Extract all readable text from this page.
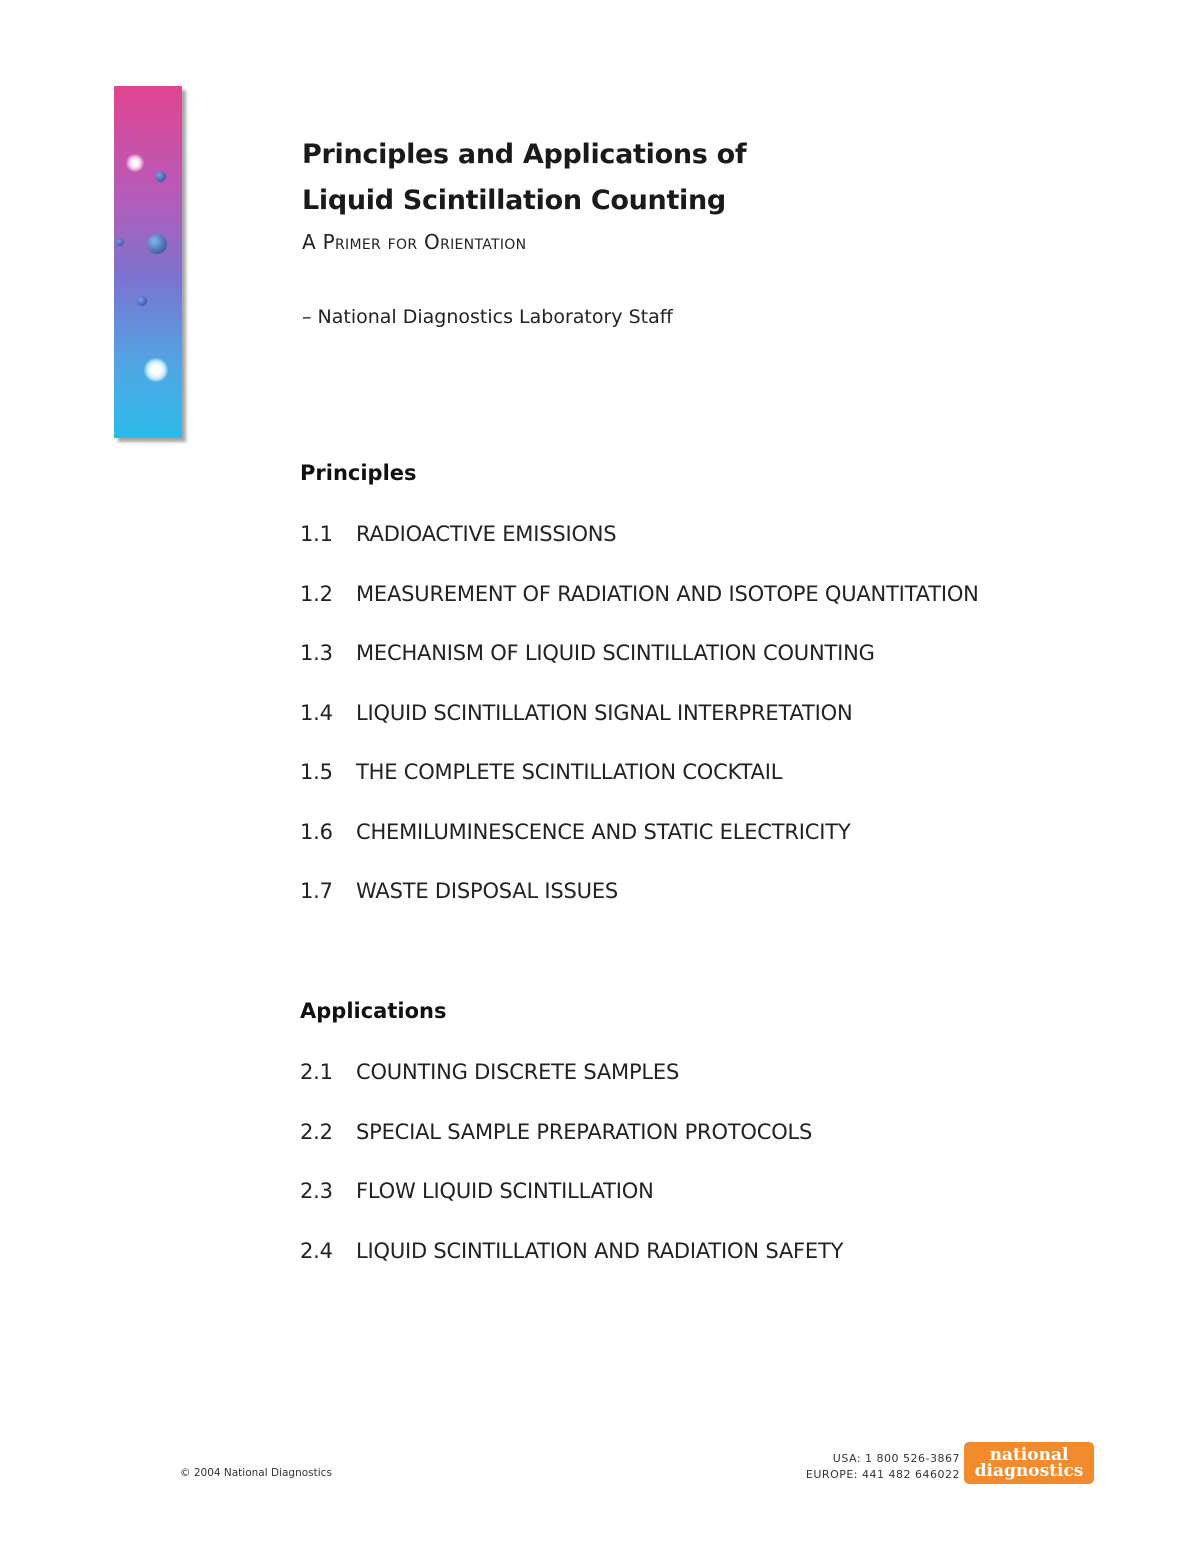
Principles and Applications of
Liquid Scintillation Counting
A Primer for Orientation
– National Diagnostics Laboratory Staff
Principles
1.1	RADIOACTIVE EMISSIONS
1.2	MEASUREMENT OF RADIATION AND ISOTOPE QUANTITATION
1.3	MECHANISM OF LIQUID SCINTILLATION COUNTING
1.4	LIQUID SCINTILLATION SIGNAL INTERPRETATION
1.5	THE COMPLETE SCINTILLATION COCKTAIL
1.6	CHEMILUMINESCENCE AND STATIC ELECTRICITY
1.7	WASTE DISPOSAL ISSUES
Applications
2.1	COUNTING DISCRETE SAMPLES
2.2	SPECIAL SAMPLE PREPARATION PROTOCOLS
2.3	FLOW LIQUID SCINTILLATION
2.4	LIQUID SCINTILLATION AND RADIATION SAFETY
© 2004 National Diagnostics
USA: 1 800 526-3867
EUROPE: 441 482 646022
national
diagnostics
